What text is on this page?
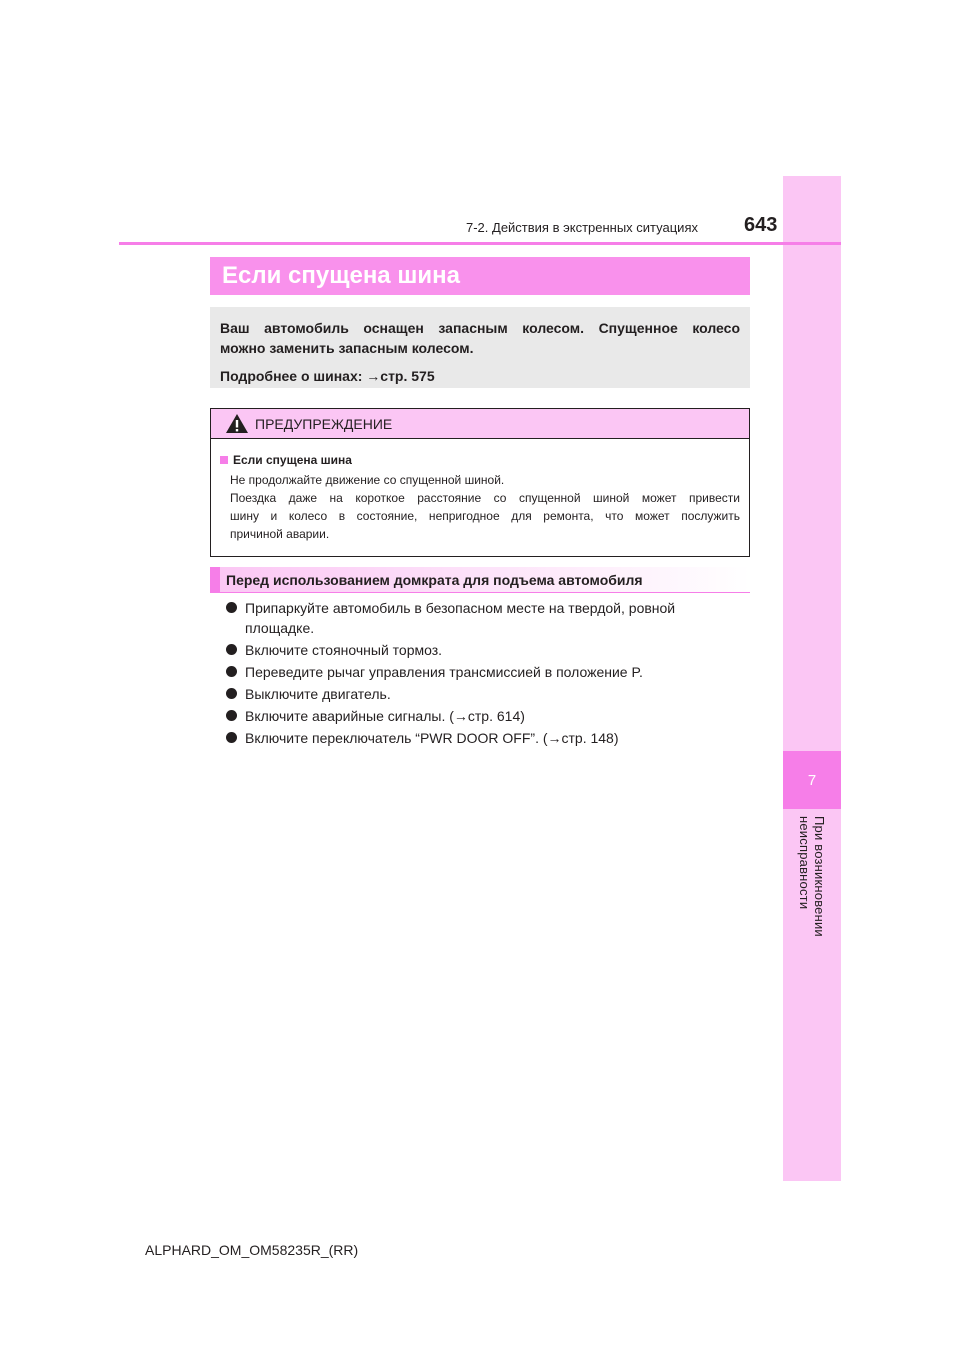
7
При возникновении неисправности
7-2. Действия в экстренных ситуациях 643
Если спущена шина
Ваш автомобиль оснащен запасным колесом. Спущенное колесо
можно заменить запасным колесом.
Подробнее о шинах: →стр. 575
ПРЕДУПРЕЖДЕНИЕ
Если спущена шина

Не продолжайте движение со спущенной шиной.

Поездка даже на короткое расстояние со спущенной шиной может привести

шину и колесо в состояние, непригодное для ремонта, что может послужить

причиной аварии.

Перед использованием домкрата для подъема автомобиля
Припаркуйте автомобиль в безопасном месте на твердой, ровной
площадке.
Включите стояночный тормоз.
Переведите рычаг управления трансмиссией в положение P.
Выключите двигатель.
Включите аварийные сигналы. (→стр. 614)
Включите переключатель “PWR DOOR OFF”. (→стр. 148)
ALPHARD_OM_OM58235R_(RR)
